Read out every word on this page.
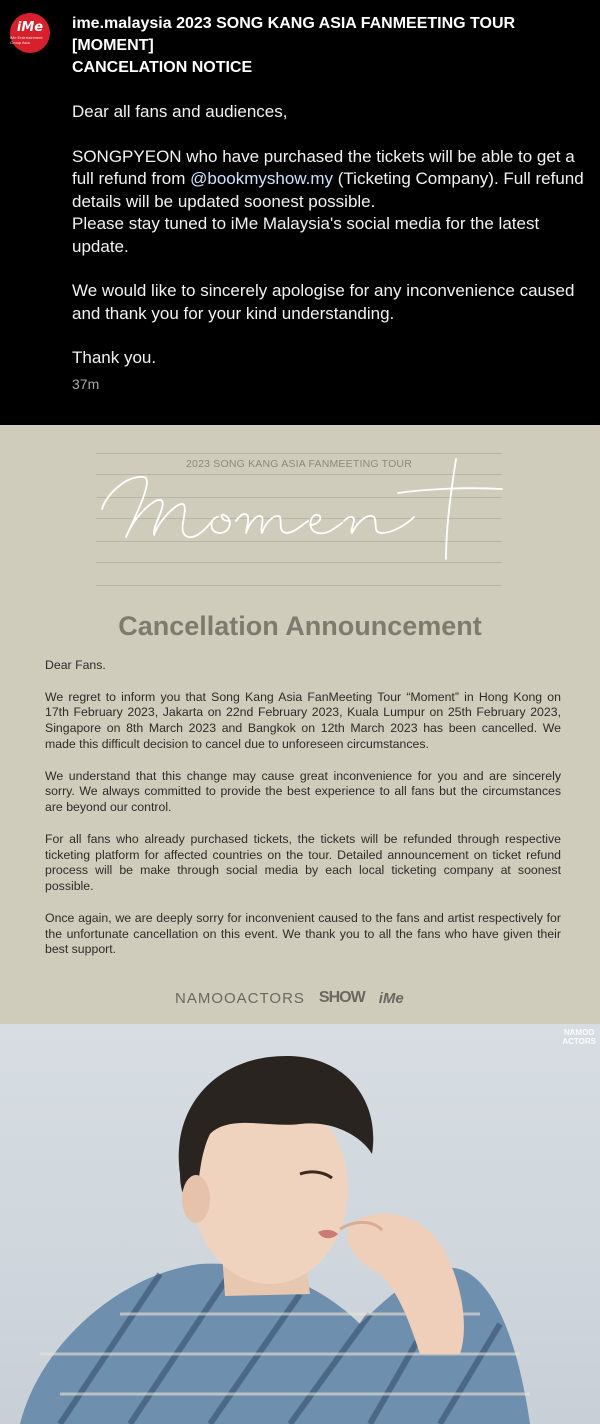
iMe
iMe Entertainment Group Asia
ime.malaysia 2023 SONG KANG ASIA FANMEETING TOUR
[MOMENT]
CANCELATION NOTICE

Dear all fans and audiences,

SONGPYEON who have purchased the tickets will be able to get a full refund from @bookmyshow.my (Ticketing Company). Full refund details will be updated soonest possible.
Please stay tuned to iMe Malaysia's social media for the latest update.

We would like to sincerely apologise for any inconvenience caused and thank you for your kind understanding.

Thank you.

37m
2023 SONG KANG ASIA FANMEETING TOUR
Cancellation Announcement

Dear Fans.

We regret to inform you that Song Kang Asia FanMeeting Tour “Moment” in Hong Kong on 17th February 2023, Jakarta on 22nd February 2023, Kuala Lumpur on 25th February 2023, Singapore on 8th March 2023 and Bangkok on 12th March 2023 has been cancelled. We made this difficult decision to cancel due to unforeseen circumstances.

We understand that this change may cause great inconvenience for you and are sincerely sorry. We always committed to provide the best experience to all fans but the circumstances are beyond our control.

For all fans who already purchased tickets, the tickets will be refunded through respective ticketing platform for affected countries on the tour. Detailed announcement on ticket refund process will be make through social media by each local ticketing company at soonest possible.

Once again, we are deeply sorry for inconvenient caused to the fans and artist respectively for the unfortunate cancellation on this event. We thank you to all the fans who have given their best support.

NAMOOACTORS SHOW iMe
NAMOO
ACTORS
